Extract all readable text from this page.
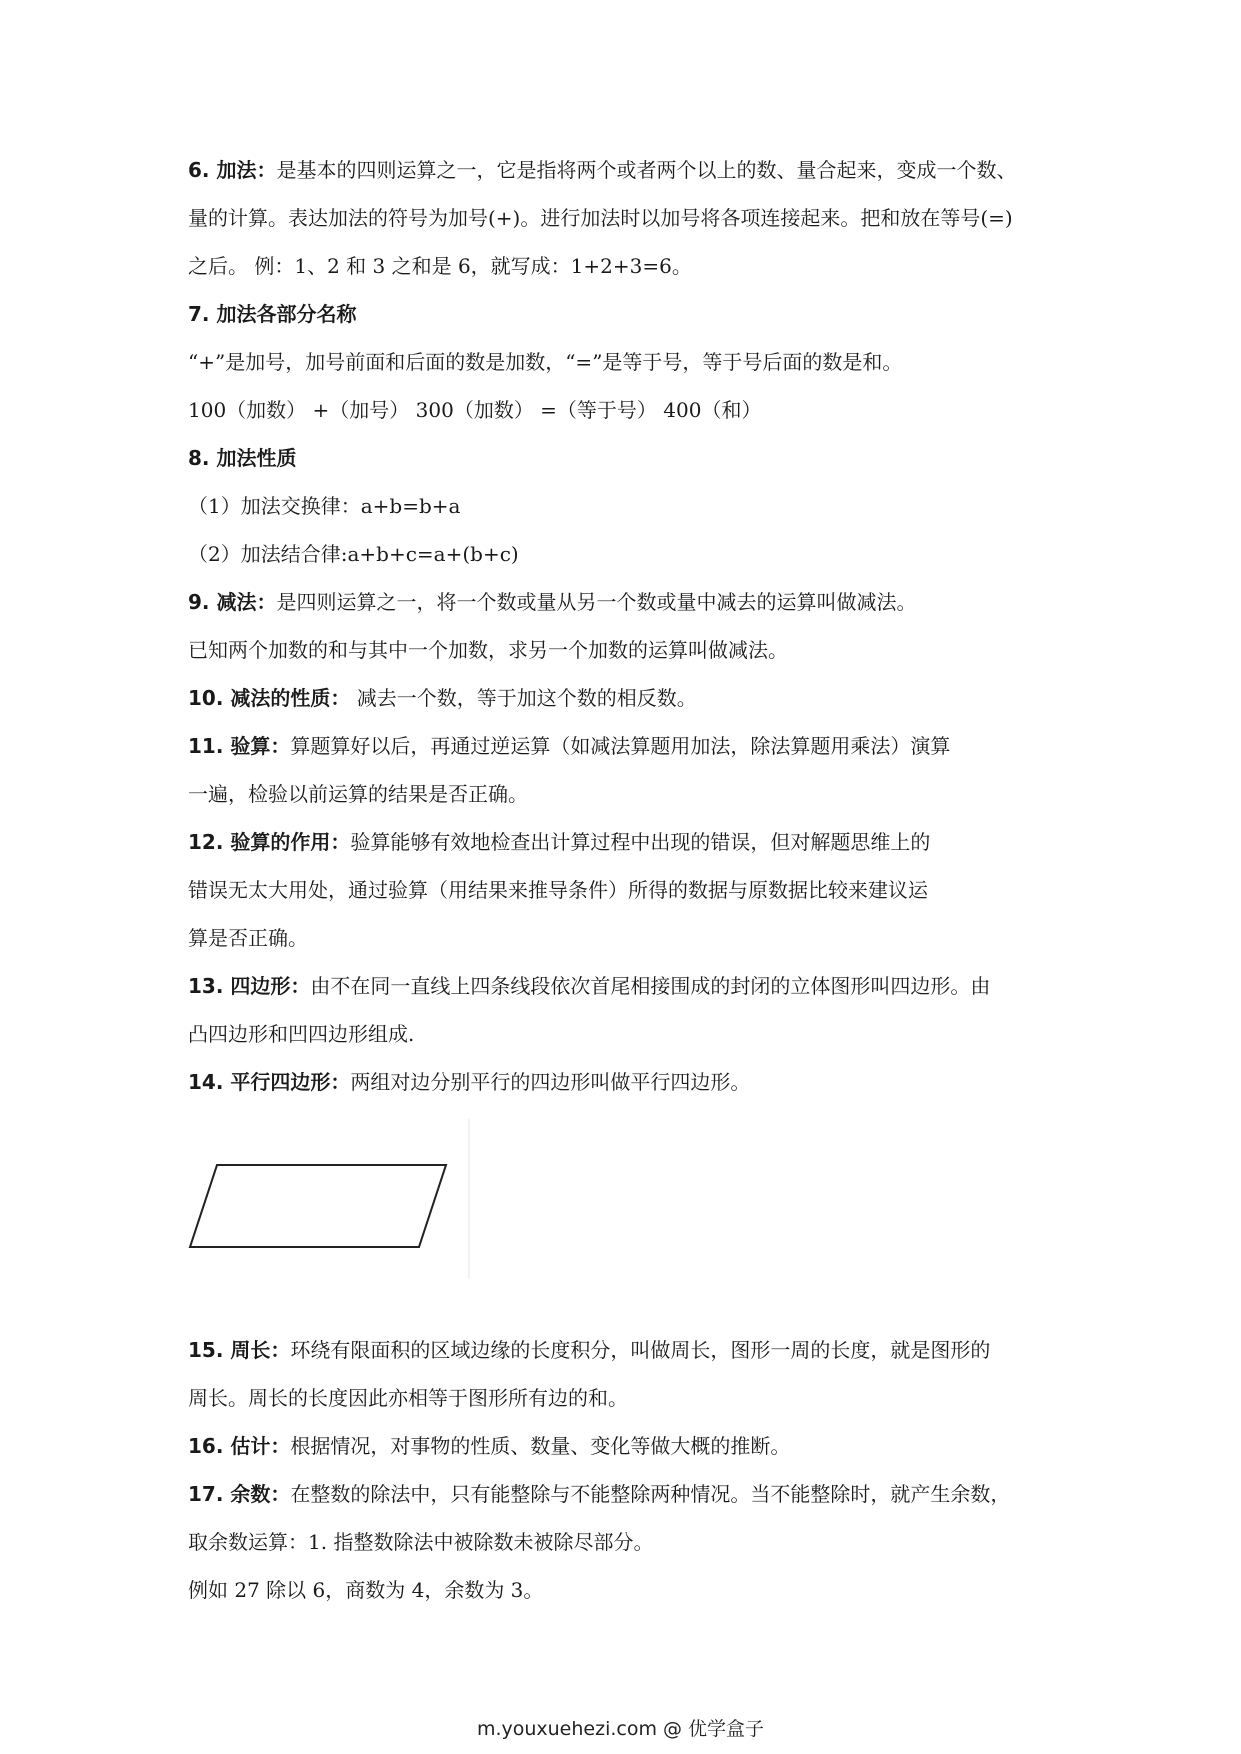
6. 加法：是基本的四则运算之一，它是指将两个或者两个以上的数、量合起来，变成一个数、
量的计算。表达加法的符号为加号(+)。进行加法时以加号将各项连接起来。把和放在等号(=)
之后。 例：1、2 和 3 之和是 6，就写成：1+2+3=6。
7. 加法各部分名称
“+”是加号，加号前面和后面的数是加数，“=”是等于号，等于号后面的数是和。
100（加数） +（加号） 300（加数） =（等于号） 400（和）
8. 加法性质
（1）加法交换律：a+b=b+a
（2）加法结合律:a+b+c=a+(b+c)
9. 减法：是四则运算之一，将一个数或量从另一个数或量中减去的运算叫做减法。
已知两个加数的和与其中一个加数，求另一个加数的运算叫做减法。
10. 减法的性质： 减去一个数，等于加这个数的相反数。
11. 验算：算题算好以后，再通过逆运算（如减法算题用加法，除法算题用乘法）演算
一遍，检验以前运算的结果是否正确。
12. 验算的作用：验算能够有效地检查出计算过程中出现的错误，但对解题思维上的
错误无太大用处，通过验算（用结果来推导条件）所得的数据与原数据比较来建议运
算是否正确。
13. 四边形：由不在同一直线上四条线段依次首尾相接围成的封闭的立体图形叫四边形。由
凸四边形和凹四边形组成.
14. 平行四边形：两组对边分别平行的四边形叫做平行四边形。
15. 周长：环绕有限面积的区域边缘的长度积分，叫做周长，图形一周的长度，就是图形的
周长。周长的长度因此亦相等于图形所有边的和。
16. 估计：根据情况，对事物的性质、数量、变化等做大概的推断。
17. 余数：在整数的除法中，只有能整除与不能整除两种情况。当不能整除时，就产生余数，
取余数运算：1. 指整数除法中被除数未被除尽部分。
例如 27 除以 6，商数为 4，余数为 3。
m.youxuehezi.com @ 优学盒子
